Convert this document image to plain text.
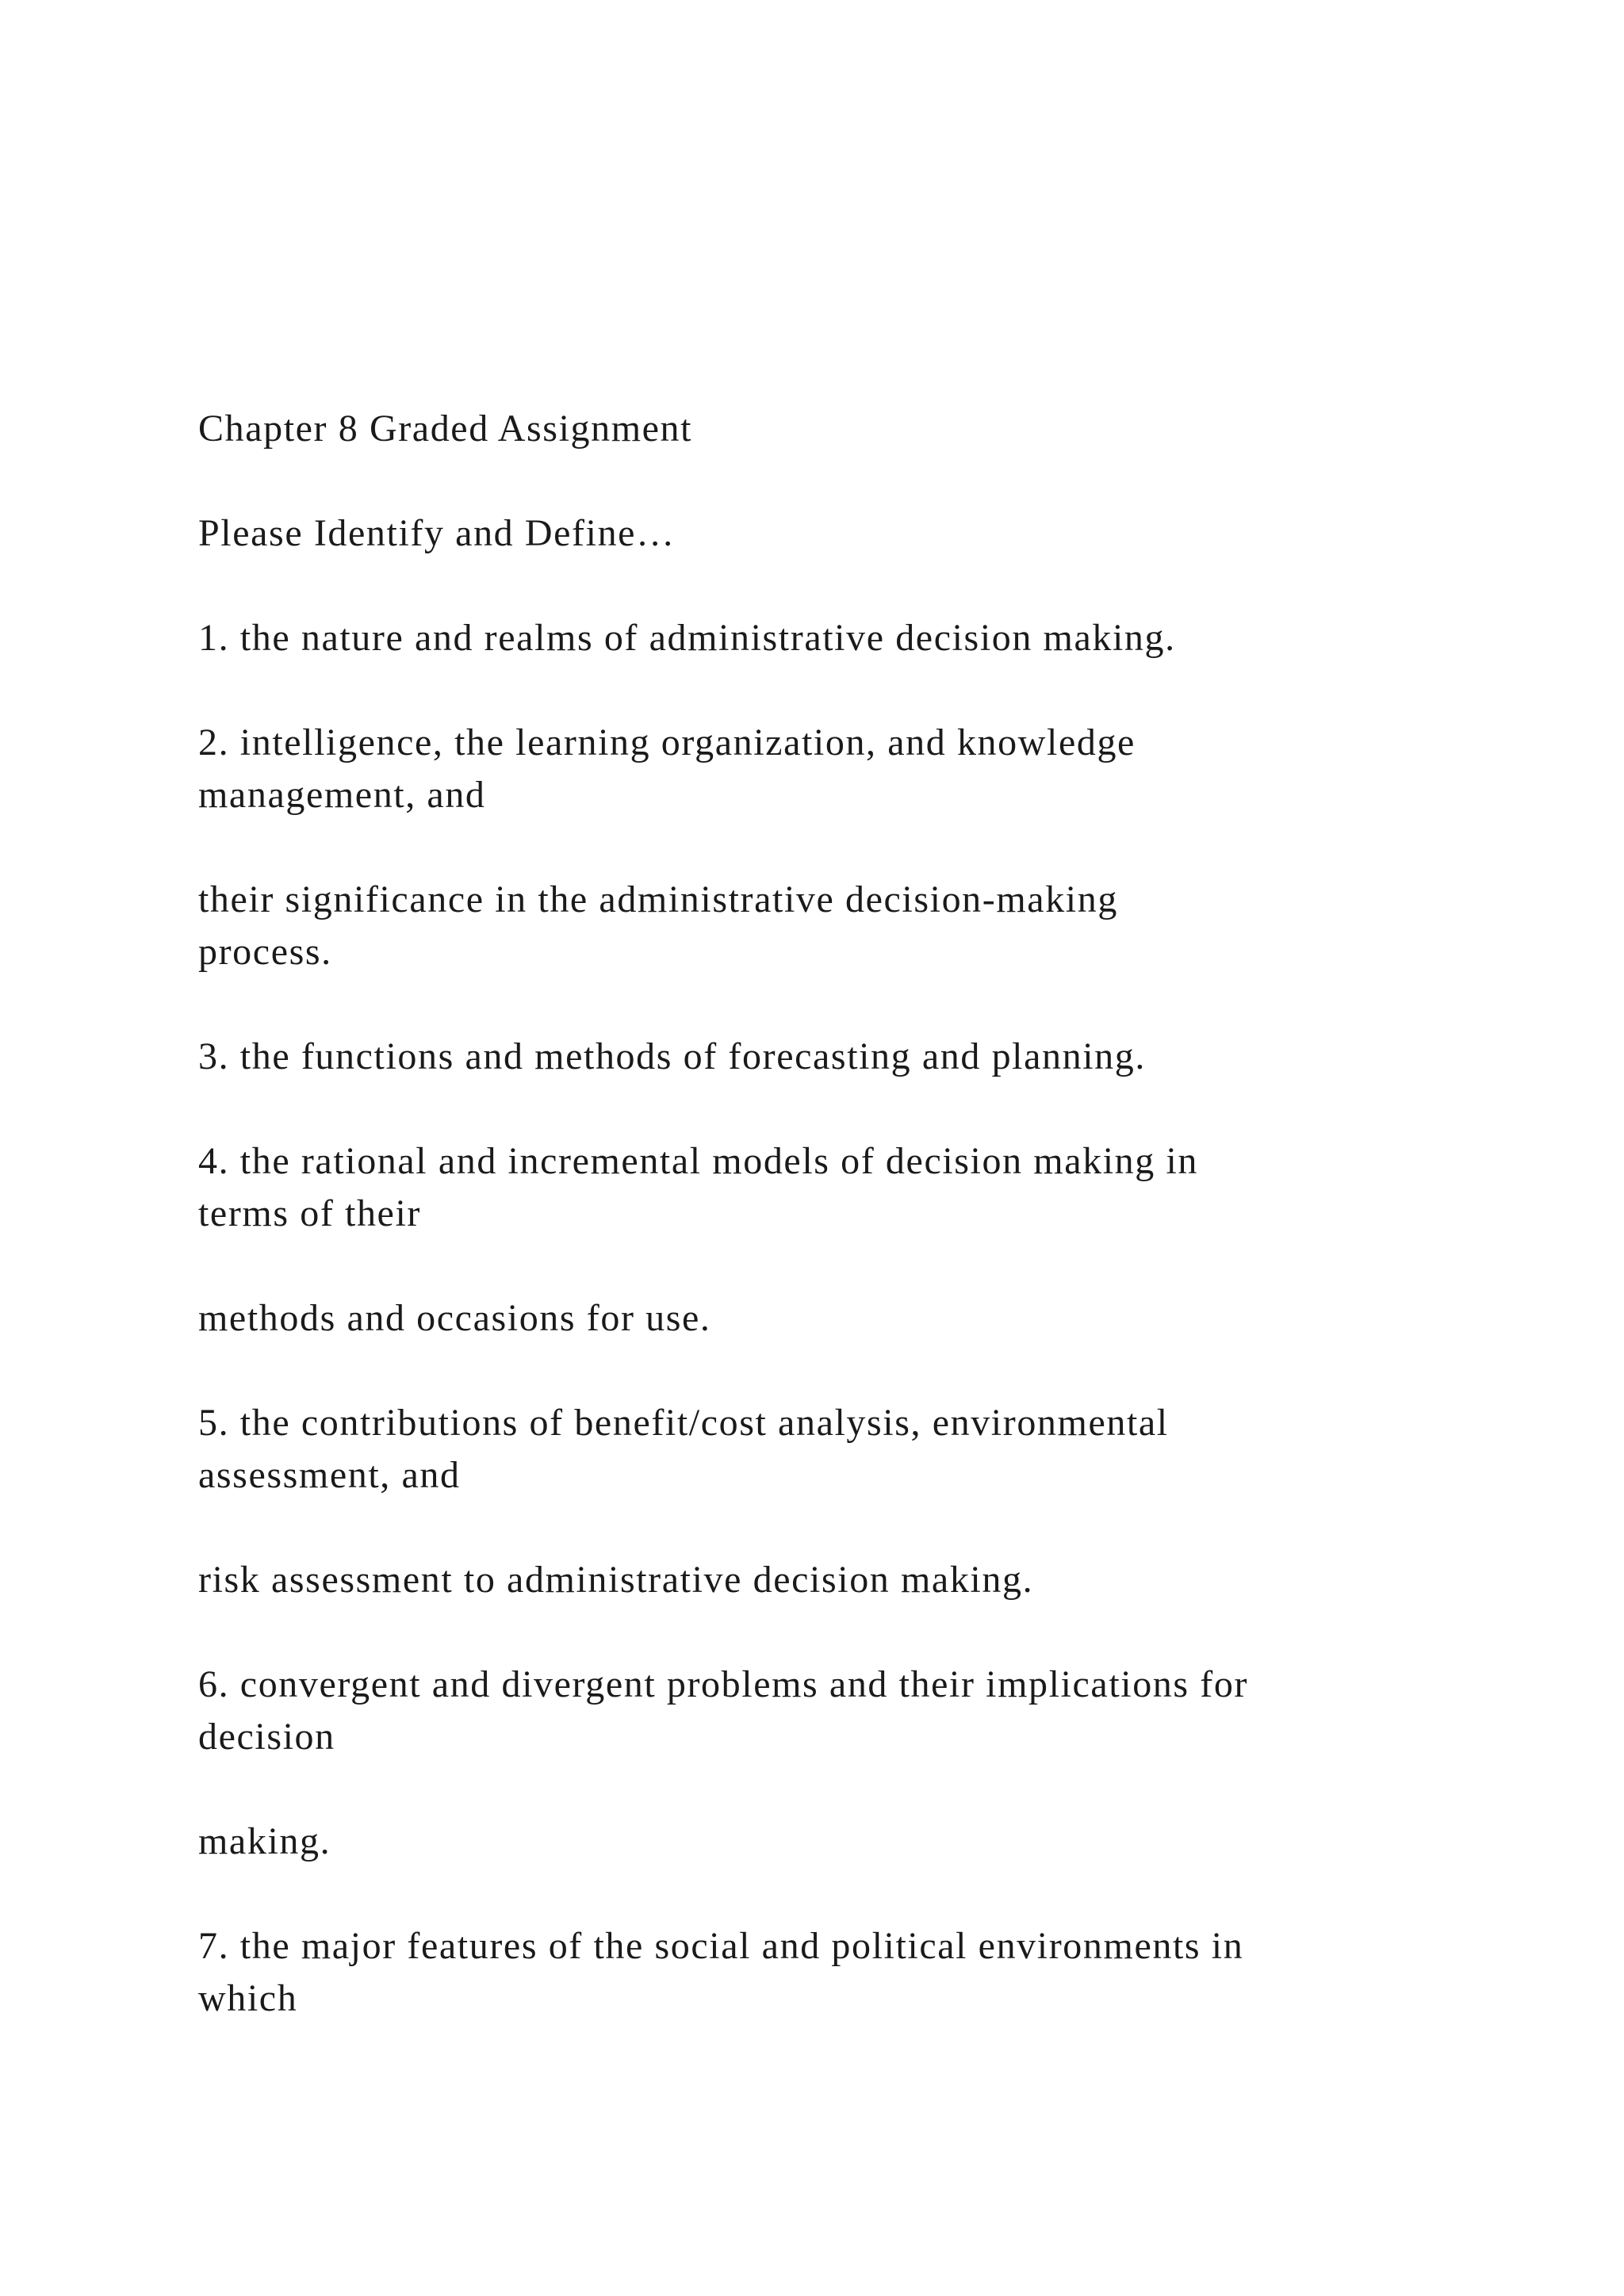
Chapter 8 Graded Assignment

Please Identify and Define…

1. the nature and realms of administrative decision making.

2. intelligence, the learning organization, and knowledge
management, and

their significance in the administrative decision-making
process.

3. the functions and methods of forecasting and planning.

4. the rational and incremental models of decision making in
terms of their

methods and occasions for use.

5. the contributions of benefit/cost analysis, environmental
assessment, and

risk assessment to administrative decision making.

6. convergent and divergent problems and their implications for
decision

making.

7. the major features of the social and political environments in
which
